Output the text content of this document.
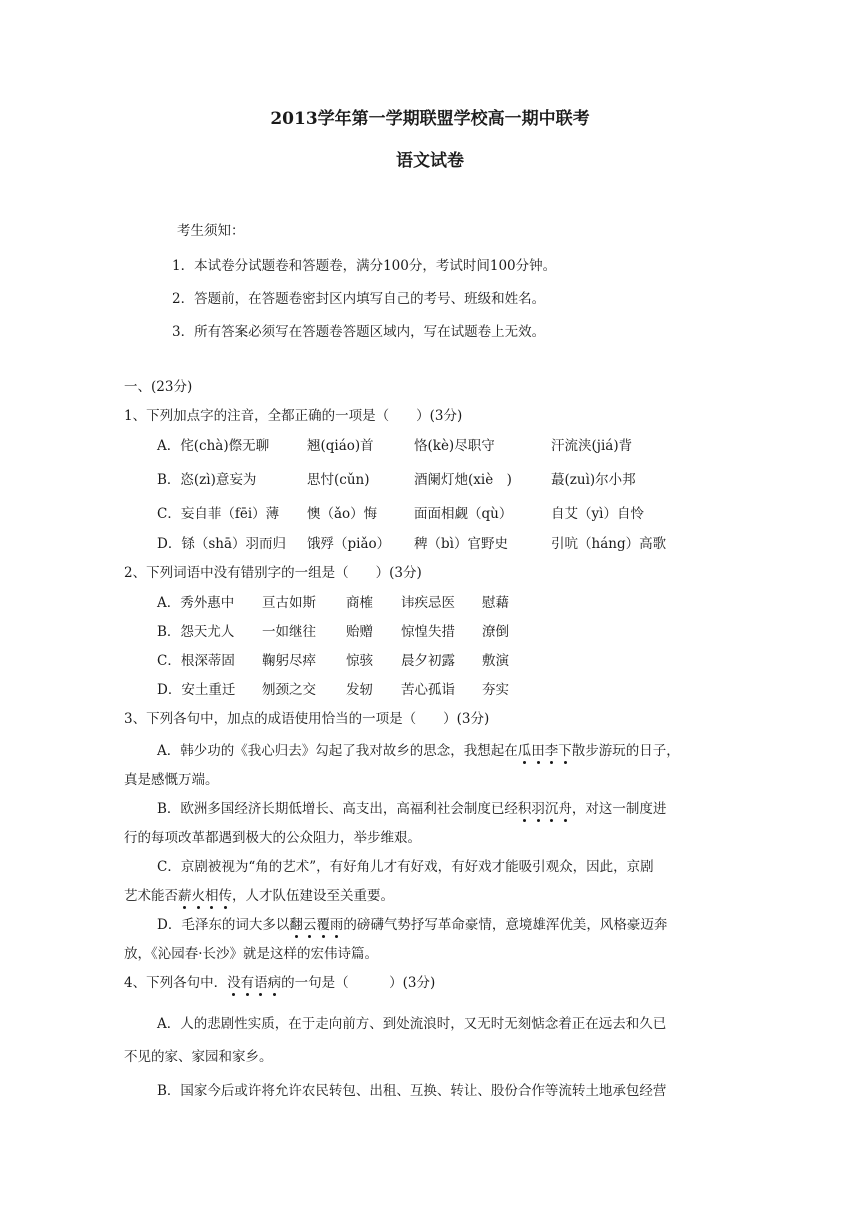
2013学年第一学期联盟学校高一期中联考
语文试卷
考生须知：
1．本试卷分试题卷和答题卷，满分100分，考试时间100分钟。
2．答题前，在答题卷密封区内填写自己的考号、班级和姓名。
3．所有答案必须写在答题卷答题区域内，写在试题卷上无效。
一、(23分)
1、下列加点字的注音，全都正确的一项是（　　）(3分)
A．侘(chà)傺无聊	翘(qiáo)首	恪(kè)尽职守	汗流浃(jiá)背
B．恣(zì)意妄为	思忖(cǔn)	酒阑灯灺(xiè　)	蕞(zuì)尔小邦
C．妄自菲（fēi）薄 懊（ǎo）悔	面面相觑（qù）	自艾（yì）自怜
D．铩（shā）羽而归 饿殍（piǎo） 稗（bì）官野史	引吭（háng）高歌
2、下列词语中没有错别字的一组是（　　）(3分)
A．秀外惠中 亘古如斯 商榷 讳疾忌医 慰藉
B．怨天尤人 一如继往 贻赠 惊惶失措 潦倒
C．根深蒂固 鞠躬尽瘁 惊骇 晨夕初露 敷演
D．安土重迁 刎颈之交 发轫 苦心孤诣 夯实
3、下列各句中，加点的成语使用恰当的一项是（　　）(3分)
A．韩少功的《我心归去》勾起了我对故乡的思念，我想起在瓜田李下散步游玩的日子，
真是感慨万端。
B．欧洲多国经济长期低增长、高支出，高福利社会制度已经积羽沉舟，对这一制度进
行的每项改革都遇到极大的公众阻力，举步维艰。
C．京剧被视为“角的艺术”，有好角儿才有好戏，有好戏才能吸引观众，因此，京剧
艺术能否薪火相传，人才队伍建设至关重要。
D．毛泽东的词大多以翻云覆雨的磅礴气势抒写革命豪情，意境雄浑优美，风格豪迈奔
放，《沁园春·长沙》就是这样的宏伟诗篇。
4、下列各句中．没有语病的一句是（　　　）(3分)
A．人的悲剧性实质，在于走向前方、到处流浪时，又无时无刻惦念着正在远去和久已
不见的家、家园和家乡。
B．国家今后或许将允许农民转包、出租、互换、转让、股份合作等流转土地承包经营
